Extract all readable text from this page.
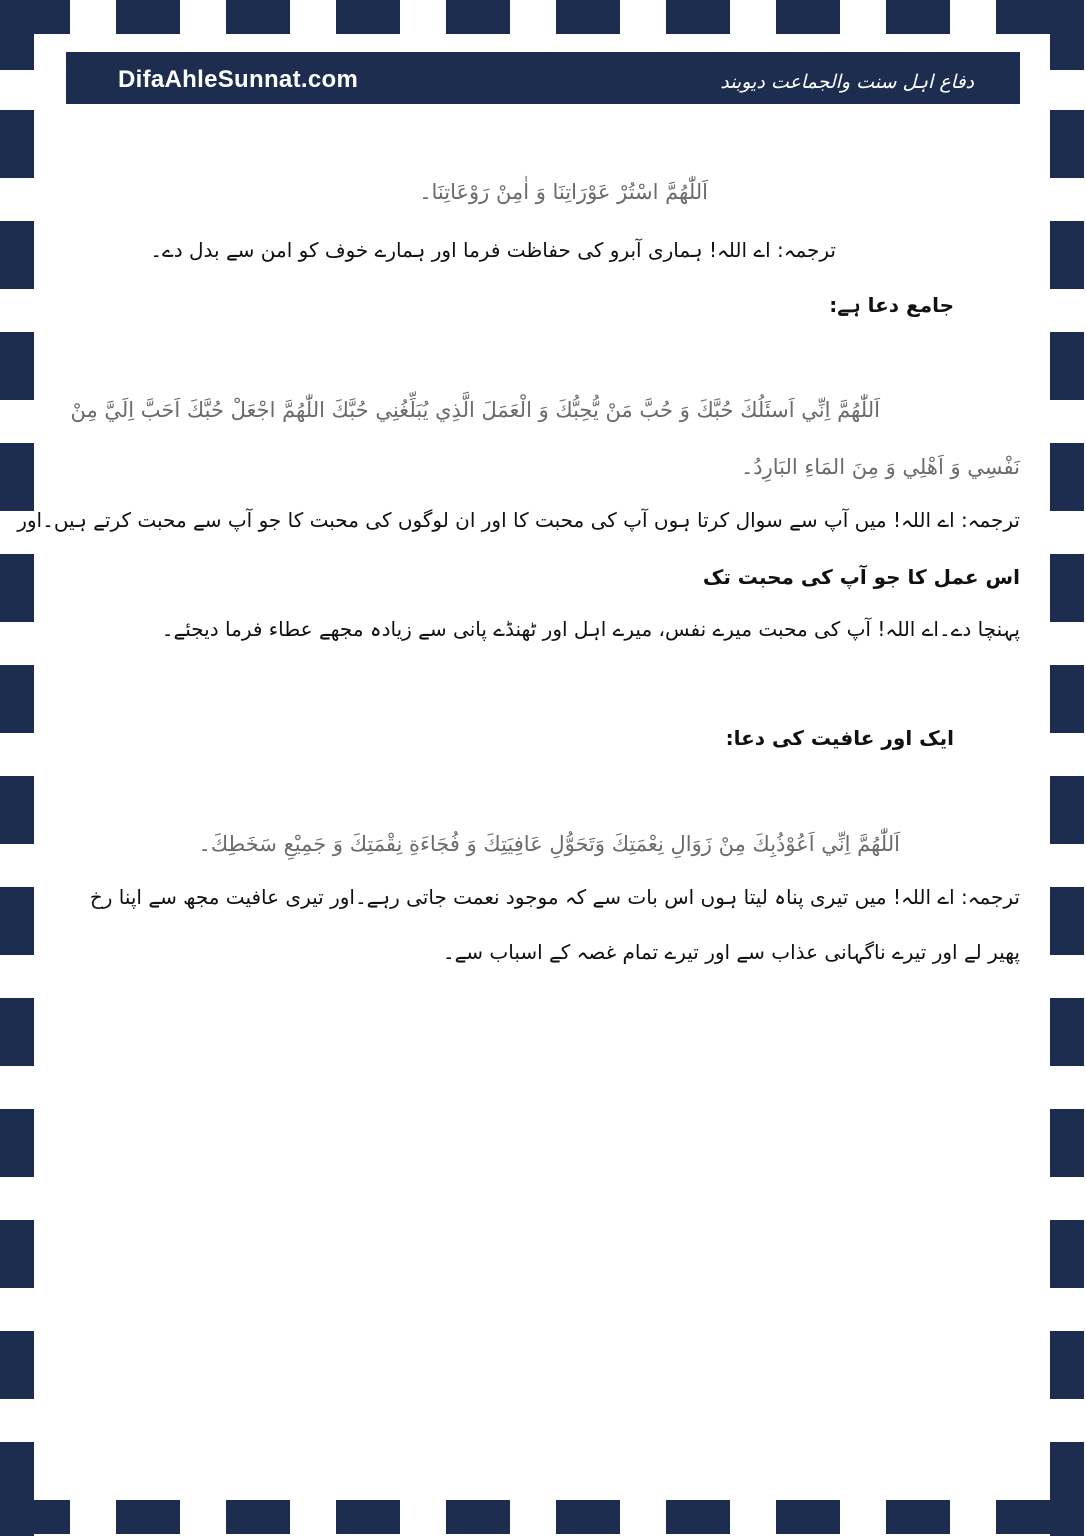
DifaAhleSunnat.com	دفاع اہل سنت والجماعت دیوبند
اَللّٰھُمَّ اسْتُرْ عَوْرَاتِنَا وَ اٰمِنْ رَوْعَاتِنَا۔
ترجمہ: اے اللہ! ہماری آبرو کی حفاظت فرما اور ہمارے خوف کو امن سے بدل دے۔
جامع دعا ہے:
اَللّٰھُمَّ اِنِّي اَسئَلُكَ حُبَّكَ وَ حُبَّ مَنْ يُّحِبُّكَ وَ الْعَمَلَ الَّذِي يُبَلِّغُنِي حُبَّكَ اللّٰهُمَّ اجْعَلْ حُبَّكَ اَحَبَّ اِلَيَّ مِنْ
نَفْسِي وَ اَهْلِي وَ مِنَ المَاءِ البَارِدُ۔
ترجمہ: اے اللہ! میں آپ سے سوال کرتا ہوں آپ کی محبت کا اور ان لوگوں کی محبت کا جو آپ سے محبت کرتے ہیں۔اور
اس عمل کا جو آپ کی محبت تک
پہنچا دے۔اے اللہ! آپ کی محبت میرے نفس، میرے اہل اور ٹھنڈے پانی سے زیادہ مجھے عطاء فرما دیجئے۔
ایک اور عافیت کی دعا:
اَللّٰھُمَّ اِنِّي اَعُوْذُبِكَ مِنْ زَوَالِ نِعْمَتِكَ وَتَحَوُّلِ عَافِيَتِكَ وَ فُجَاءَةِ نِقْمَتِكَ وَ جَمِيْعِ سَخَطِكَ۔
ترجمہ: اے اللہ! میں تیری پناہ لیتا ہوں اس بات سے کہ موجود نعمت جاتی رہے۔اور تیری عافیت مجھ سے اپنا رخ
پھیر لے اور تیرے ناگہانی عذاب سے اور تیرے تمام غصہ کے اسباب سے۔
